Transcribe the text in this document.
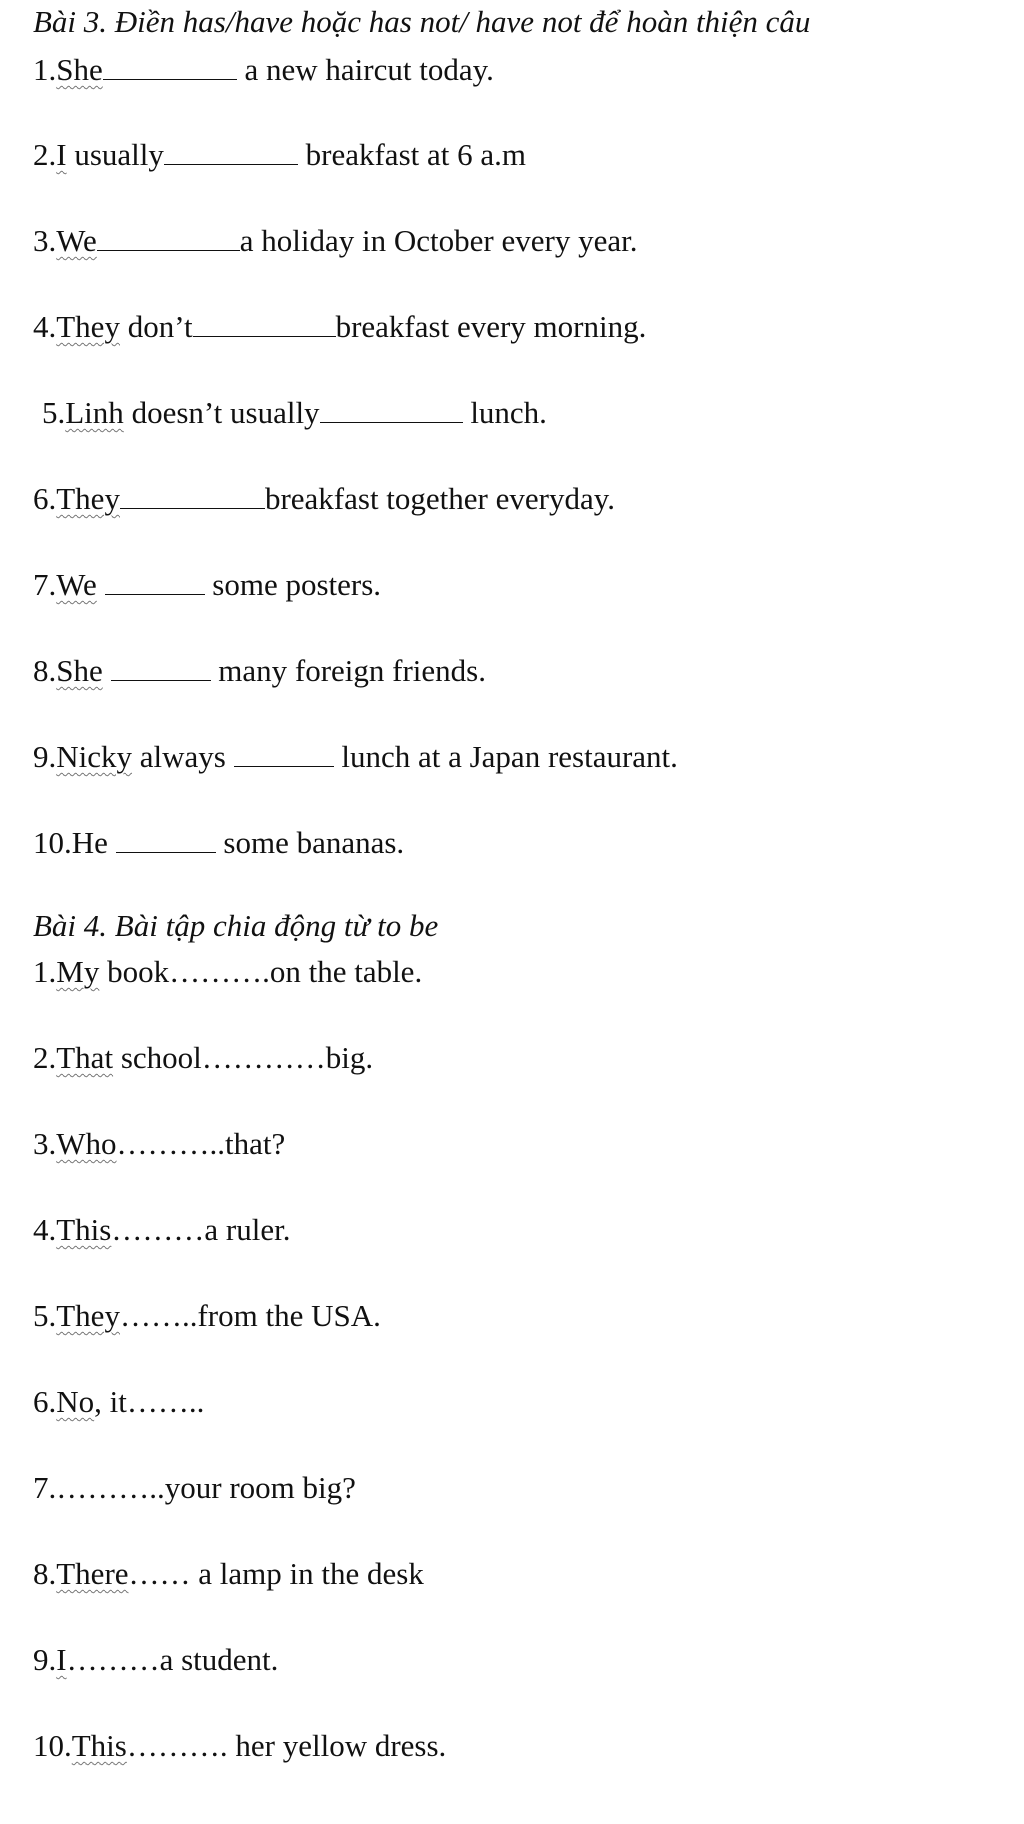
Bài 3. Điền has/have hoặc has not/ have not để hoàn thiện câu
1.She	a new haircut today.
2.I usually	breakfast at 6 a.m
3.We	a holiday in October every year.
4.They don’t	breakfast every morning.
5.Linh doesn’t usually	lunch.
6.They	breakfast together everyday.
7.We	some posters.
8.She	many foreign friends.
9.Nicky always	lunch at a Japan restaurant.
10.He	some bananas.
Bài 4. Bài tập chia động từ to be
1.My book……….on the table.
2.That school…………big.
3.Who………..that?
4.This………a ruler.
5.They……..from the USA.
6.No, it……..
7.………..your room big?
8.There…… a lamp in the desk
9.I………a student.
10.This………. her yellow dress.
